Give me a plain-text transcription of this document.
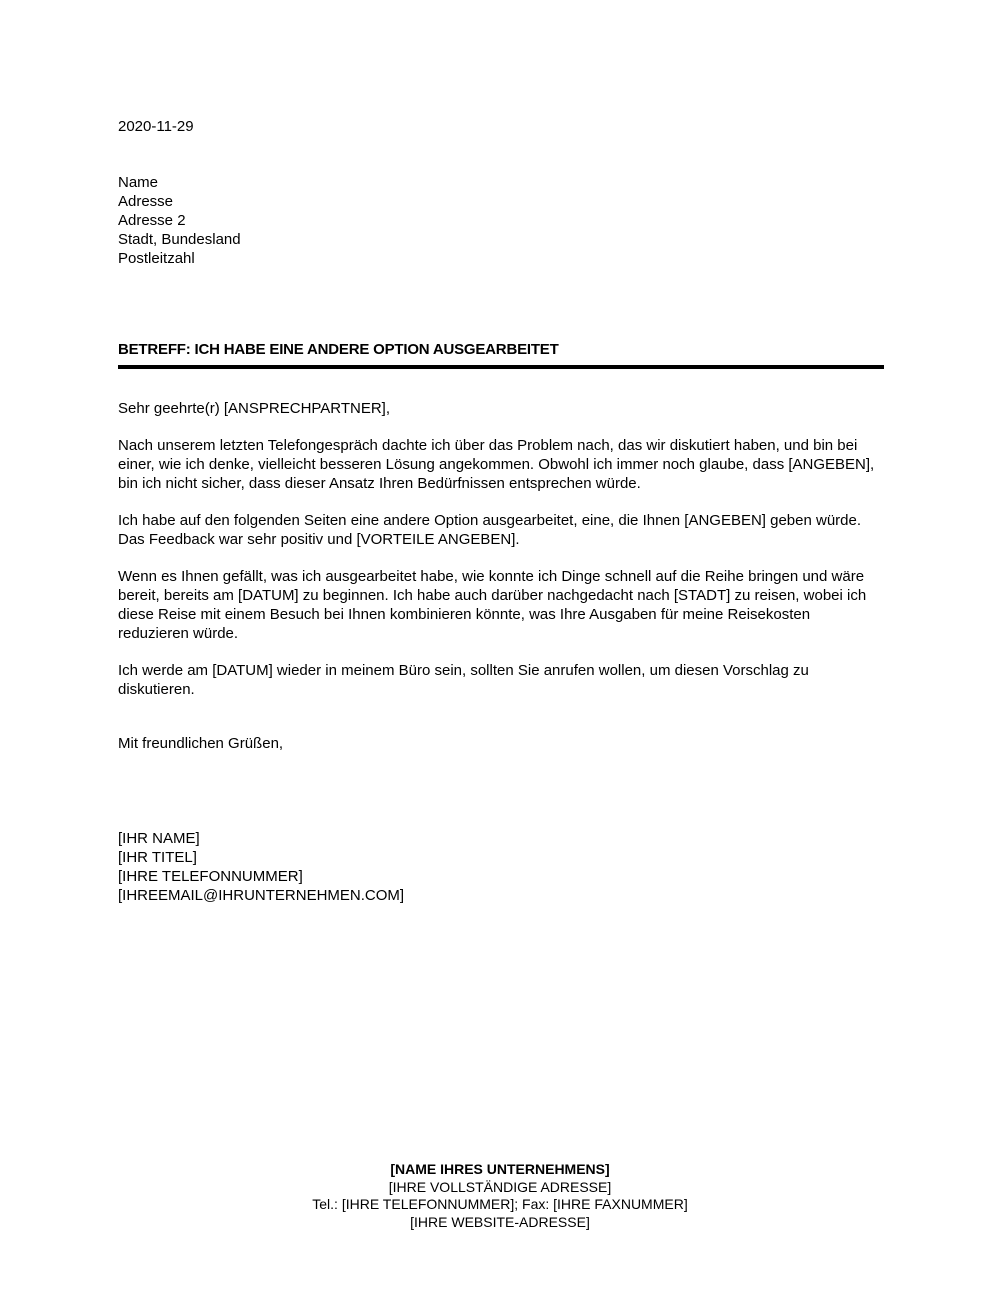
2020-11-29
Name
Adresse
Adresse 2
Stadt, Bundesland
Postleitzahl
BETREFF: ICH HABE EINE ANDERE OPTION AUSGEARBEITET
Sehr geehrte(r) [ANSPRECHPARTNER],
Nach unserem letzten Telefongespräch dachte ich über das Problem nach, das wir diskutiert haben, und bin bei einer, wie ich denke, vielleicht besseren Lösung angekommen. Obwohl ich immer noch glaube, dass [ANGEBEN], bin ich nicht sicher, dass dieser Ansatz Ihren Bedürfnissen entsprechen würde.
Ich habe auf den folgenden Seiten eine andere Option ausgearbeitet, eine, die Ihnen [ANGEBEN] geben würde. Das Feedback war sehr positiv und [VORTEILE ANGEBEN].
Wenn es Ihnen gefällt, was ich ausgearbeitet habe, wie konnte ich Dinge schnell auf die Reihe bringen und wäre bereit, bereits am [DATUM] zu beginnen. Ich habe auch darüber nachgedacht nach [STADT] zu reisen, wobei ich diese Reise mit einem Besuch bei Ihnen kombinieren könnte, was Ihre Ausgaben für meine Reisekosten reduzieren würde.
Ich werde am [DATUM] wieder in meinem Büro sein, sollten Sie anrufen wollen, um diesen Vorschlag zu diskutieren.
Mit freundlichen Grüßen,
[IHR NAME]
[IHR TITEL]
[IHRE TELEFONNUMMER]
[IHREEMAIL@IHRUNTERNEHMEN.COM]
[NAME IHRES UNTERNEHMENS]
[IHRE VOLLSTÄNDIGE ADRESSE]
Tel.: [IHRE TELEFONNUMMER]; Fax: [IHRE FAXNUMMER]
[IHRE WEBSITE-ADRESSE]
